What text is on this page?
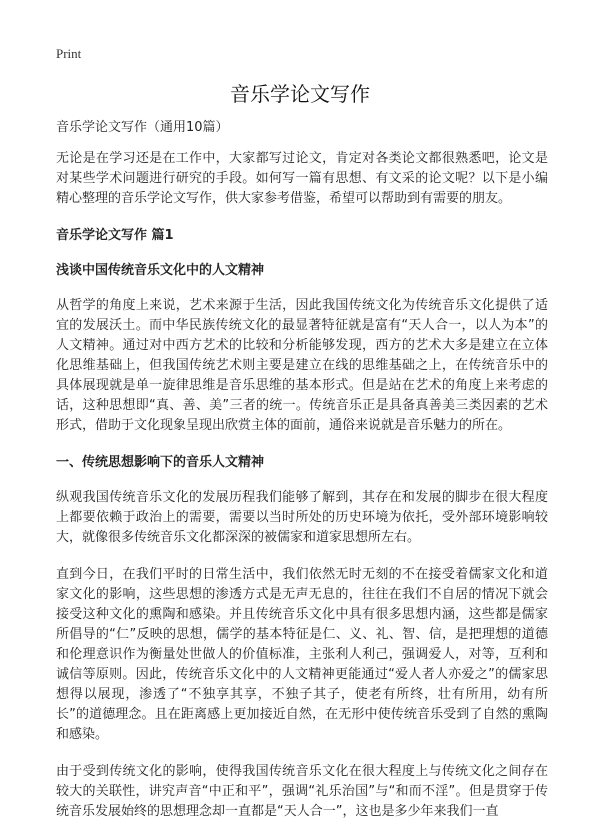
Print
音乐学论文写作
音乐学论文写作（通用10篇）

无论是在学习还是在工作中，大家都写过论文，肯定对各类论文都很熟悉吧，论文是对某些学术问题进行研究的手段。如何写一篇有思想、有文采的论文呢？以下是小编精心整理的音乐学论文写作，供大家参考借鉴，希望可以帮助到有需要的朋友。

音乐学论文写作 篇1
浅谈中国传统音乐文化中的人文精神

从哲学的角度上来说，艺术来源于生活，因此我国传统文化为传统音乐文化提供了适宜的发展沃土。而中华民族传统文化的最显著特征就是富有“天人合一，以人为本”的人文精神。通过对中西方艺术的比较和分析能够发现，西方的艺术大多是建立在立体化思维基础上，但我国传统艺术则主要是建立在线的思维基础之上，在传统音乐中的具体展现就是单一旋律思维是音乐思维的基本形式。但是站在艺术的角度上来考虑的话，这种思想即“真、善、美”三者的统一。传统音乐正是具备真善美三类因素的艺术形式，借助于文化现象呈现出欣赏主体的面前，通俗来说就是音乐魅力的所在。

一、传统思想影响下的音乐人文精神

纵观我国传统音乐文化的发展历程我们能够了解到，其存在和发展的脚步在很大程度上都要依赖于政治上的需要，需要以当时所处的历史环境为依托，受外部环境影响较大，就像很多传统音乐文化都深深的被儒家和道家思想所左右。

直到今日，在我们平时的日常生活中，我们依然无时无刻的不在接受着儒家文化和道家文化的影响，这些思想的渗透方式是无声无息的，往往在我们不自居的情况下就会接受这种文化的熏陶和感染。并且传统音乐文化中具有很多思想内涵，这些都是儒家所倡导的“仁”反映的思想，儒学的基本特征是仁、义、礼、智、信，是把理想的道德和伦理意识作为衡量处世做人的价值标准，主张利人利己，强调爱人，对等，互利和诚信等原则。因此，传统音乐文化中的人文精神更能通过“爱人者人亦爱之”的儒家思想得以展现，渗透了“不独享其享，不独子其子，使老有所终，壮有所用，幼有所长”的道德理念。且在距离感上更加接近自然，在无形中使传统音乐受到了自然的熏陶和感染。

由于受到传统文化的影响，使得我国传统音乐文化在很大程度上与传统文化之间存在较大的关联性，讲究声音“中正和平”，强调“礼乐治国”与“和而不淫”。但是贯穿于传统音乐发展始终的思想理念却一直都是“天人合一”，这也是多少年来我们一直
